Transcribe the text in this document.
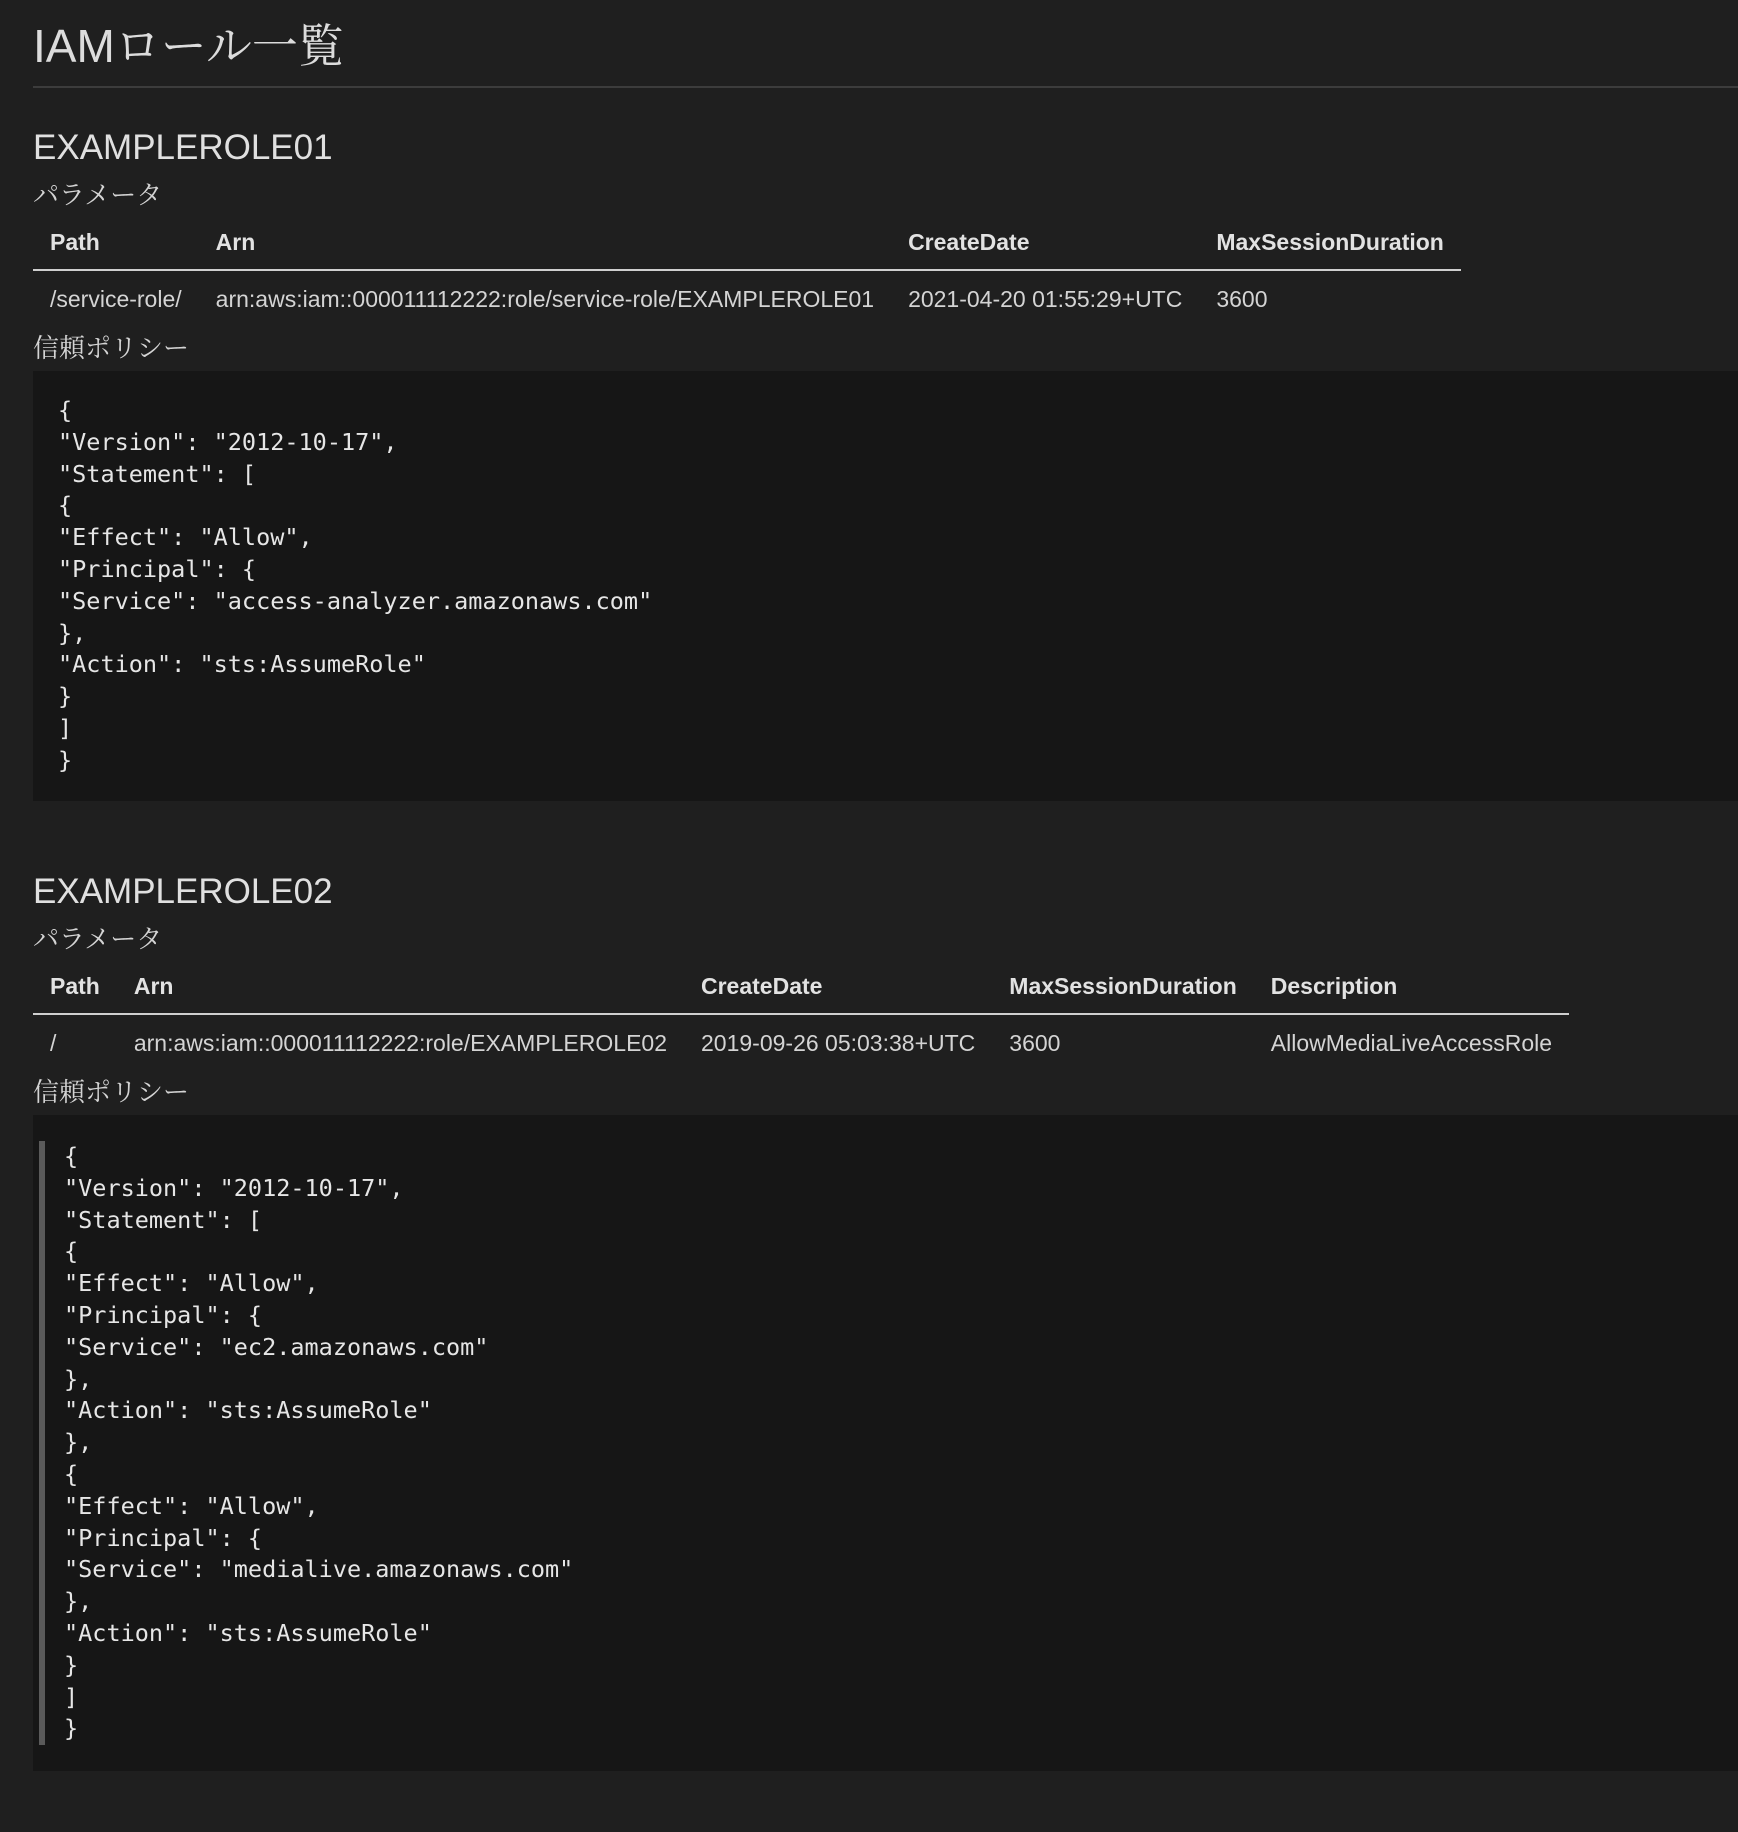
IAMロール一覧
EXAMPLEROLE01
パラメータ
Path	Arn	CreateDate	MaxSessionDuration
/service-role/	arn:aws:iam::000011112222:role/service-role/EXAMPLEROLE01	2021-04-20 01:55:29+UTC	3600
信頼ポリシー
{
"Version": "2012-10-17",
"Statement": [
{
"Effect": "Allow",
"Principal": {
"Service": "access-analyzer.amazonaws.com"
},
"Action": "sts:AssumeRole"
}
]
}
EXAMPLEROLE02
パラメータ
Path	Arn	CreateDate	MaxSessionDuration	Description
/	arn:aws:iam::000011112222:role/EXAMPLEROLE02	2019-09-26 05:03:38+UTC	3600	AllowMediaLiveAccessRole
信頼ポリシー
{
"Version": "2012-10-17",
"Statement": [
{
"Effect": "Allow",
"Principal": {
"Service": "ec2.amazonaws.com"
},
"Action": "sts:AssumeRole"
},
{
"Effect": "Allow",
"Principal": {
"Service": "medialive.amazonaws.com"
},
"Action": "sts:AssumeRole"
}
]
}
